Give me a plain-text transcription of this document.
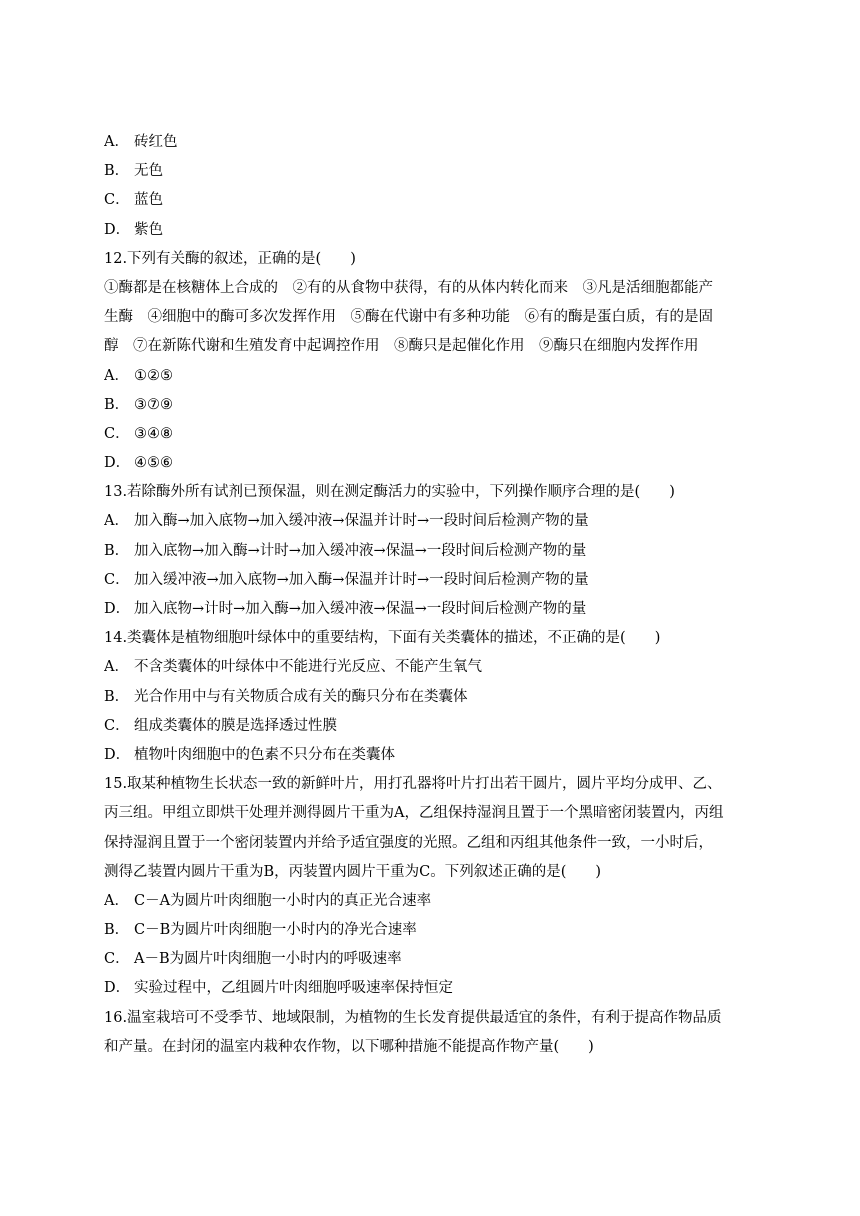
A． 砖红色
B． 无色
C． 蓝色
D． 紫色
12.下列有关酶的叙述，正确的是(　　)
①酶都是在核糖体上合成的　②有的从食物中获得，有的从体内转化而来　③凡是活细胞都能产
生酶　④细胞中的酶可多次发挥作用　⑤酶在代谢中有多种功能　⑥有的酶是蛋白质，有的是固
醇　⑦在新陈代谢和生殖发育中起调控作用　⑧酶只是起催化作用　⑨酶只在细胞内发挥作用
A． ①②⑤
B． ③⑦⑨
C． ③④⑧
D． ④⑤⑥
13.若除酶外所有试剂已预保温，则在测定酶活力的实验中，下列操作顺序合理的是(　　)
A． 加入酶→加入底物→加入缓冲液→保温并计时→一段时间后检测产物的量
B． 加入底物→加入酶→计时→加入缓冲液→保温→一段时间后检测产物的量
C． 加入缓冲液→加入底物→加入酶→保温并计时→一段时间后检测产物的量
D． 加入底物→计时→加入酶→加入缓冲液→保温→一段时间后检测产物的量
14.类囊体是植物细胞叶绿体中的重要结构，下面有关类囊体的描述，不正确的是(　　)
A． 不含类囊体的叶绿体中不能进行光反应、不能产生氧气
B． 光合作用中与有关物质合成有关的酶只分布在类囊体
C． 组成类囊体的膜是选择透过性膜
D． 植物叶肉细胞中的色素不只分布在类囊体
15.取某种植物生长状态一致的新鲜叶片，用打孔器将叶片打出若干圆片，圆片平均分成甲、乙、
丙三组。甲组立即烘干处理并测得圆片干重为A，乙组保持湿润且置于一个黑暗密闭装置内，丙组
保持湿润且置于一个密闭装置内并给予适宜强度的光照。乙组和丙组其他条件一致，一小时后，
测得乙装置内圆片干重为B，丙装置内圆片干重为C。下列叙述正确的是(　　)
A． C－A为圆片叶肉细胞一小时内的真正光合速率
B． C－B为圆片叶肉细胞一小时内的净光合速率
C． A－B为圆片叶肉细胞一小时内的呼吸速率
D． 实验过程中，乙组圆片叶肉细胞呼吸速率保持恒定
16.温室栽培可不受季节、地域限制，为植物的生长发育提供最适宜的条件，有利于提高作物品质
和产量。在封闭的温室内栽种农作物，以下哪种措施不能提高作物产量(　　)
